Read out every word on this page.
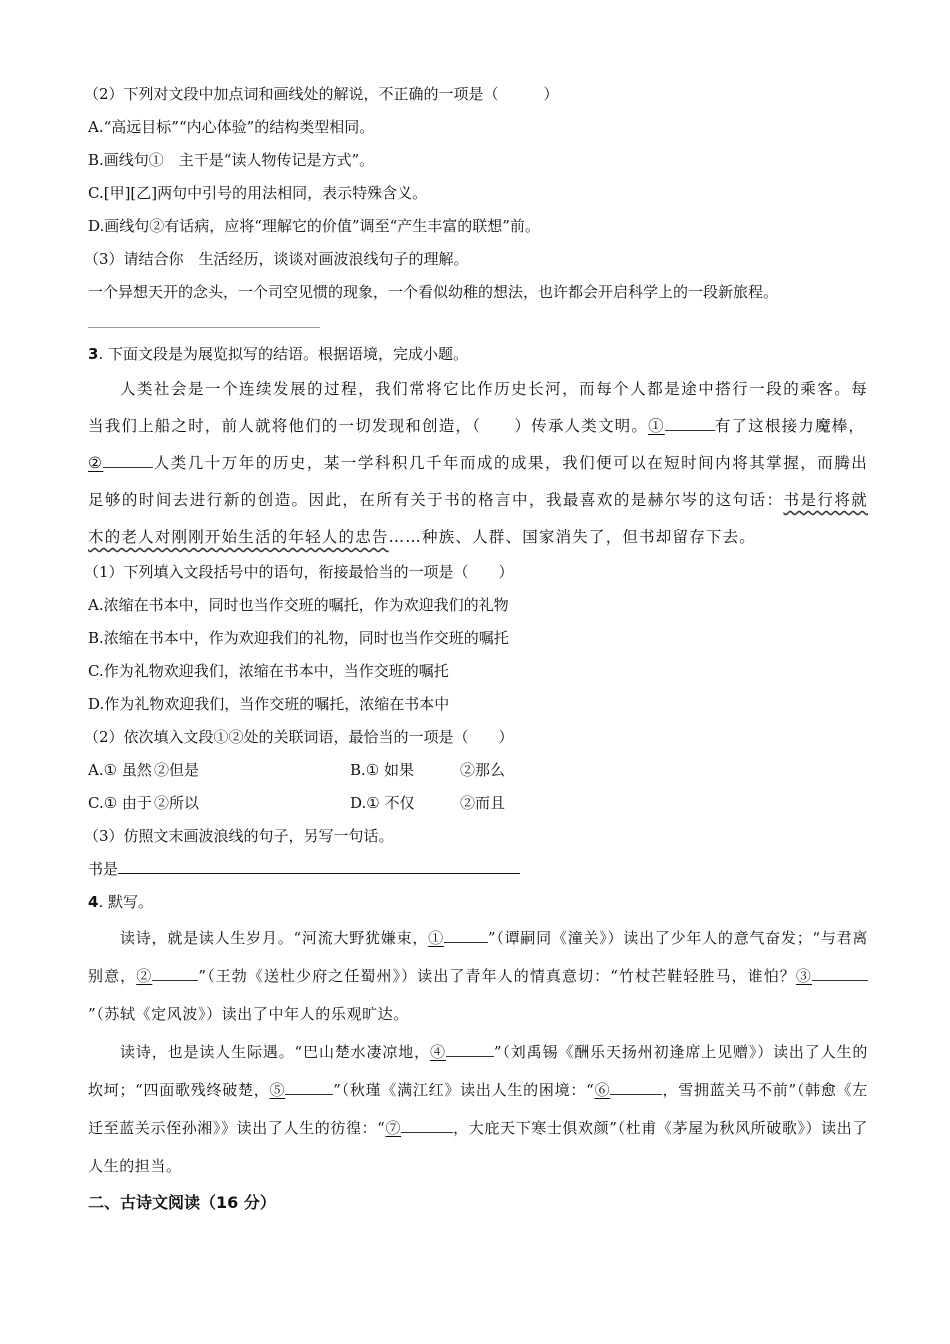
（2）下列对文段中加点词和画线处的解说，不正确的一项是（　　　）
A.“高远目标”“内心体验”的结构类型相同。
B.画线句①　主干是“读人物传记是方式”。
C.[甲][乙]两句中引号的用法相同，表示特殊含义。
D.画线句②有话病，应将“理解它的价值”调至“产生丰富的联想”前。
（3）请结合你　生活经历，谈谈对画波浪线句子的理解。
一个异想天开的念头，一个司空见惯的现象，一个看似幼稚的想法，也许都会开启科学上的一段新旅程。
3. 下面文段是为展览拟写的结语。根据语境，完成小题。
人类社会是一个连续发展的过程，我们常将它比作历史长河，而每个人都是途中搭行一段的乘客。每当我们上船之时，前人就将他们的一切发现和创造，（　　）传承人类文明。①	有了这根接力魔棒，
②	人类几十万年的历史，某一学科积几千年而成的成果，我们便可以在短时间内将其掌握，而腾出足够的时间去进行新的创造。因此，在所有关于书的格言中，我最喜欢的是赫尔岑的这句话：书是行将就木的老人对刚刚开始生活的年轻人的忠告……种族、人群、国家消失了，但书却留存下去。
（1）下列填入文段括号中的语句，衔接最恰当的一项是（　　）
A.浓缩在书本中，同时也当作交班的嘱托，作为欢迎我们的礼物
B.浓缩在书本中，作为欢迎我们的礼物，同时也当作交班的嘱托
C.作为礼物欢迎我们，浓缩在书本中，当作交班的嘱托
D.作为礼物欢迎我们，当作交班的嘱托，浓缩在书本中
（2）依次填入文段①②处的关联词语，最恰当的一项是（　　）
A.① 虽然 ②但是	B.① 如果	②那么
C.① 由于 ②所以	D.① 不仅	②而且
（3）仿照文末画波浪线的句子，另写一句话。
书是
4. 默写。
读诗，就是读人生岁月。“河流大野犹嫌束，①	”（谭嗣同《潼关》）读出了少年人的意气奋发；“与君离别意，②	”（王勃《送杜少府之任蜀州》）读出了青年人的情真意切：“竹杖芒鞋轻胜马，谁怕？③”（苏轼《定风波》）读出了中年人的乐观旷达。
读诗，也是读人生际遇。“巴山楚水凄凉地，④	”（刘禹锡《酬乐天扬州初逢席上见赠》）读出了人生的坎坷；“四面歌残终破楚，⑤	”（秋瑾《满江红》读出人生的困境：“⑥	，雪拥蓝关马不前”（韩愈《左迁至蓝关示侄孙湘》》读出了人生的彷徨：“⑦	，大庇天下寒士俱欢颜”（杜甫《茅屋为秋风所破歌》）读出了人生的担当。
二、古诗文阅读（16 分）
